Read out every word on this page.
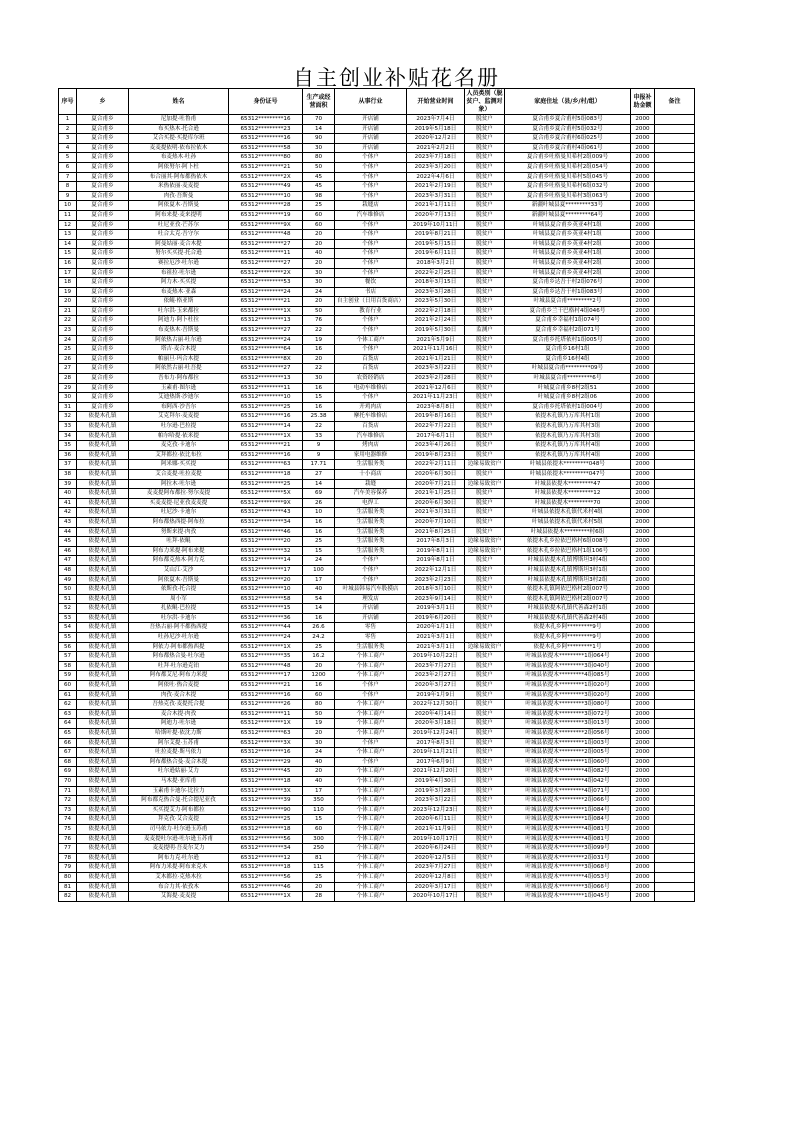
自主创业补贴花名册
序号	乡	姓名	身份证号	生产或经营面积	从事行业	开始营业时间	人员类别（脱贫户、监测对象）	家庭住址（县/乡/村/组）	申报补助金额	备注
1	夏合甫乡	尼加提·吐鲁甫	65312*********16	70	开店铺	2023年7月4日	脱贫户	夏合甫乡夏合甫村5组083号	2000	
2	夏合甫乡	布买热木·托合逊	65312*********23	14	开店铺	2019年5月18日	脱贫户	夏合甫乡夏合甫村5组032号	2000	
3	夏合甫乡	艾合买提·买提库尔班	65312*********16	90	开店铺	2020年12月2日	脱贫户	夏合甫乡夏合甫村6组025号	2000	
4	夏合甫乡	麦麦提依明·依布拉依木	65312*********58	30	开店铺	2021年2月2日	脱贫户	夏合甫乡夏合甫村4组061号	2000	
5	夏合甫乡	布麦热木·吐孙	65312*********80	80	个体户	2023年7月18日	脱贫户	夏合甫乡吐格曼贝希村2组009号	2000	
6	夏合甫乡	阿依努尔·阿卜杜	65312*********21	50	个体户	2023年3月20日	脱贫户	夏合甫乡吐格曼贝希村2组054号	2000	
7	夏合甫乡	布合丽其·阿布都热依木	65312*********2X	45	个体户	2022年4月6日	脱贫户	夏合甫乡吐格曼贝希村5组045号	2000	
8	夏合甫乡	米热依丽·麦麦提	65312*********49	45	个体户	2021年2月19日	脱贫户	夏合甫乡吐格曼贝希村6组032号	2000	
9	夏合甫乡	肉孜·吾斯曼	65312*********10	98	个体户	2023年3月31日	脱贫户	夏合甫乡吐格曼贝希村3组063号	2000	
10	夏合甫乡	阿依夏木·吾斯曼	65312*********28	25	栽缝店	2021年1月11日	脱贫户	新疆叶城县夏*********33号	2000	
11	夏合甫乡	阿布来提·麦来提明	65312*********19	60	汽车维修店	2020年7月13日	脱贫户	新疆叶城县夏*********64号	2000	
12	夏合甫乡	吐尼亚孜·芒苏尔	65312*********9X	60	个体户	2019年10月11日	脱贫户	叶城县夏合甫乡英亚4村1组	2000	
13	夏合甫乡	吐合太克·吾守尔	65312*********48	20	个体户	2019年8月21日	脱贫户	叶城县夏合甫乡英亚4村1组	2000	
14	夏合甫乡	阿曼姑丽·麦合木提	65312*********27	20	个体户	2019年5月15日	脱贫户	叶城县夏合甫乡英亚4村2组	2000	
15	夏合甫乡	努尔买买提·托合逊	65312*********11	40	个体户	2019年6月11日	脱贫户	叶城县夏合甫乡英亚4村1组	2000	
16	夏合甫乡	赛拉厄沙·吐尔逊	65312*********27	20	个体户	2018年3月2日	脱贫户	叶城县夏合甫乡英亚4村2组	2000	
17	夏合甫乡	布祖拉·吐尔逊	65312*********2X	30	个体户	2022年2月25日	脱贫户	叶城县夏合甫乡英亚4村2组	2000	
18	夏合甫乡	阿力木·买买提	65312*********53	30	餐饮	2018年3月15日	脱贫户	夏合甫乡达吾于村2组076号	2000	
19	夏合甫乡	布麦热木·亚森	65312*********24	24	书店	2023年3月28日	脱贫户	夏合甫乡达吾于村1组083号	2000	
20	夏合甫乡	依鲲·格亚斯	65312*********21	20	自主创业（日用百货商店）	2023年5月30日	脱贫户	叶城县夏合甫*********2号	2000	
21	夏合甫乡	吐尔洪·玉来都拉	65312*********1X	50	教育行业	2022年2月18日	脱贫户	夏合甫乡兰干巴格村4组046号	2000	
22	夏合甫乡	阿迪力·阿卜杜拉	65312*********13	76	个体户	2021年2月24日	脱贫户	夏合甫乡幸福村1组074号	2000	
23	夏合甫乡	布麦热木·吾斯曼	65312*********27	22	个体户	2019年5月30日	监测户	夏合甫乡幸福村2组071号	2000	
24	夏合甫乡	阿依热古丽·吐尔逊	65312*********24	19	个体工商户	2021年5月9日	脱贫户	夏合甫乡托塔依村1组005号	2000	
25	夏合甫乡	塔吉·麦合木提	65312*********64	16	个体户	2021年11月16日	脱贫户	夏合甫乡16村1组	2000	
26	夏合甫乡	帕丽旦·玛合木提	65312*********8X	20	百货店	2021年1月21日	脱贫户	夏合甫乡16村4组	2000	
27	夏合甫乡	阿依然古丽·吐吾提	65312*********27	22	百货店	2023年3月22日	脱贫户	叶城县夏合甫*********09号	2000	
28	夏合甫乡	吾布力·阿布都拉	65312*********13	30	农资经销店	2023年2月28日	脱贫户	叶城县夏合甫*********6号	2000	
29	夏合甫乡	玉素甫·图尔逊	65312*********11	16	电动车维修店	2021年12月6日	脱贫户	叶城夏合甫乡8村2组51	2000	
30	夏合甫乡	艾迪热斯·沙迪尔	65312*********10	15	个体户	2021年11月23日	脱贫户	叶城夏合甫乡8村2组06	2000	
31	夏合甫乡	布阿西·沙吾尔	65312*********25	16	开鸡肉店	2023年8月8日	脱贫户	夏合甫乡托塔依村1组004号	2000	
32	依提木孔镇	艾克拜尔·麦麦提	65312*********16	25.38	摩托车维修店	2019年8月16日	脱贫户	依提木孔镇乃万库其村1组	2000	
33	依提木孔镇	吐尔逊·巴拉提	65312*********14	22	百货店	2022年7月22日	脱贫户	依提木孔镇乃万库其村3组	2000	
34	依提木孔镇	帕尔哈提·依米提	65312*********1X	33	汽车维修店	2017年6月1日	脱贫户	依提木孔镇乃万库其村3组	2000	
35	依提木孔镇	麦克孜·卡迪尔	65312*********21	9	烤肉店	2023年4月26日	脱贫户	依提木孔镇乃万库其村4组	2000	
36	依提木孔镇	艾拜都拉·依比布拉	65312*********16	9	家用电器维修	2019年8月23日	脱贫户	依提木孔镇乃万库其村4组	2000	
37	依提木孔镇	阿米娜·买买提	65312*********63	17.71	生活服务类	2022年2月11日	边缘易致贫户	叶城县依提木*********048号	2000	
38	依提木孔镇	艾合麦提·吐拉麦提	65312*********18	27	十小商店	2020年6月30日	脱贫户	叶城县依提木*********047号	2000	
39	依提木孔镇	阿拉木·吐尔逊	65312*********25	14	栽缝	2020年7月21日	边缘易致贫户	叶城县依提木*********47	2000	
40	依提木孔镇	麦麦提阿布都拉·努尔麦提	65312*********5X	69	汽车美容保养	2021年1月25日	脱贫户	叶城县依提木*********12	2000	
41	依提木孔镇	买麦麦提·尼亚孜麦麦提	65312*********9X	26	电焊工	2020年6月30日	脱贫户	叶城县依提木*********70	2000	
42	依提木孔镇	吐尼沙·卡迪尔	65312*********43	10	生活服务类	2021年3月31日	脱贫户	叶城县依提木孔镇代米村4组	2000	
43	依提木孔镇	阿布都热西提·阿布拉	65312*********34	16	生活服务类	2020年7月10日	脱贫户	叶城县依提木孔镇代米村5组	2000	
44	依提木孔镇	努斯来提·肉孜	65312*********46	16	生活服务类	2021年8月25日	脱贫户	叶城县依提木*********村6组	2000	
45	依提木孔镇	吐拜·依鲲	65312*********20	25	生活服务类	2017年8月3日	边缘易致贫户	依提木孔乡拉依巴格村6组008号	2000	
46	依提木孔镇	阿布力米提·阿布来提	65312*********32	15	生活服务类	2019年8月1日	边缘易致贫户	依提木孔乡拉依巴格村1组106号	2000	
47	依提木孔镇	阿布都克热木·阿力克	65312*********14	24	个体户	2019年8月1日	脱贫户	叶城县依提木孔镇博斯坦3村4组	2000	
48	依提木孔镇	艾山江·艾沙	65312*********17	100	个体户	2022年12月1日	脱贫户	叶城县依提木孔镇博斯坦3村1组	2000	
49	依提木孔镇	阿依夏木·吾斯曼	65312*********20	17	个体户	2023年2月23日	脱贫户	叶城县依提木孔镇博斯坦3村2组	2000	
50	依提木孔镇	依斯孜·托合提	65312*********10	40	叶城县韩易汽车股摸店	2018年3月10日	脱贫户	依提木孔镇阿依巴格村2组007号	2000	
51	依提木孔镇	周小军	65312*********58	54	理发店	2023年9月14日	脱贫户	依提木孔镇阿依巴格村2组007号	2000	
52	依提木孔镇	扎依鲲·巴拉提	65312*********15	14	开店铺	2019年3月1日	脱贫户	叶城县依提木孔镇代善森2村1组	2000	
53	依提木孔镇	吐尔洪·卡迪尔	65312*********36	16	开店铺	2019年6月20日	脱贫户	叶城县依提木孔镇代善森2村4组	2000	
54	依提木孔镇	吾热古丽·阿不都热西提	65312*********44	26.6	零售	2020年1月1日	脱贫户	依提木孔乡阿*********9号	2000	
55	依提木孔镇	吐孙尼沙·吐尔逊	65312*********24	24.2	零售	2021年3月1日	脱贫户	依提木孔乡阿*********9号	2000	
56	依提木孔镇	阿依力·阿布都热西提	65312*********1X	25	生活服务类	2021年3月1日	边缘易致贫户	依提木孔乡阿*********1号	2000	
57	依提木孔镇	阿布都热合曼·吐尔逊	65312*********35	16.2	个体工商户	2019年10月22日	脱贫户	叶城县依提木*********1组064号	2000	
58	依提木孔镇	吐拜·吐尔逊克铂	65312*********48	20	个体工商户	2023年7月27日	脱贫户	叶城县依提木*********3组040号	2000	
59	依提木孔镇	阿布都艾尼·阿布力米提	65312*********17	1200	个体工商户	2023年2月27日	脱贫户	叶城县依提木*********4组085号	2000	
60	依提木孔镇	阿依吐·热合麦提	65312*********21	16	个体户	2020年3月27日	脱贫户	叶城县依提木*********1组020号	2000	
61	依提木孔镇	肉孜·麦合木提	65312*********16	60	个体户	2019年1月9日	脱贫户	叶城县依提木*********3组020号	2000	
62	依提木孔镇	吾热克孜·麦提托合提	65312*********26	80	个体工商户	2022年12月30日	脱贫户	叶城县依提木*********3组080号	2000	
63	依提木孔镇	麦合木提·肉孜	65312*********11	50	个体工商户	2020年4月14日	脱贫户	叶城县依提木*********3组072号	2000	
64	依提木孔镇	阿迪力·吐尔逊	65312*********1X	19	个体工商户	2020年3月18日	脱贫户	叶城县依提木*********3组013号	2000	
65	依提木孔镇	哈斯叶提·依沈力斯	65312*********63	20	个体工商户	2019年12月24日	脱贫户	叶城县依提木*********2组056号	2000	
66	依提木孔镇	阿尔艾提·玉苏甫	65312*********3X	30	个体户	2017年8月3日	脱贫户	叶城县依提木*********1组003号	2000	
67	依提木孔镇	吐拉麦提·斯马依力	65312*********16	24	个体工商户	2019年11月21日	脱贫户	叶城县依提木*********2组005号	2000	
68	依提木孔镇	阿布都热合曼·麦合木提	65312*********29	40	个体户	2017年6月9日	脱贫户	叶城县依提木*********1组060号	2000	
69	依提木孔镇	吐尔逊姑丽·艾力	65312*********45	20	个体工商户	2021年12月20日	脱贫户	叶城县依提木*********4组082号	2000	
70	依提木孔镇	马木提·亚库甫	65312*********18	40	个体工商户	2019年4月30日	脱贫户	叶城县依提木*********4组042号	2000	
71	依提木孔镇	玉素甫卡迪尔·比拉力	65312*********3X	17	个体工商户	2019年3月28日	脱贫户	叶城县依提木*********4组071号	2000	
72	依提木孔镇	阿布都克热合曼·托合提尼亚孜	65312*********39	350	个体工商户	2023年3月22日	脱贫户	叶城县依提木*********2组066号	2000	
73	依提木孔镇	买买提艾力·阿布都拉	65312*********90	110	个体工商户	2023年12月23日	脱贫户	叶城县依提木*********1组084号	2000	
74	依提木孔镇	拜克孜·艾合麦提	65312*********25	15	个体工商户	2020年6月11日	脱贫户	叶城县依提木*********1组084号	2000	
75	依提木孔镇	司马依力·吐尔逊玉苏甫	65312*********18	60	个体工商户	2021年11月9日	脱贫户	叶城县依提木*********4组081号	2000	
76	依提木孔镇	麦麦提吐尔逊·吐尔逊玉苏甫	65312*********56	300	个体工商户	2019年10月17日	脱贫户	叶城县依提木*********4组081号	2000	
77	依提木孔镇	麦麦提明·吾麦尔艾力	65312*********34	250	个体工商户	2020年6月24日	脱贫户	叶城县依提木*********3组099号	2000	
78	依提木孔镇	阿布力克·吐尔逊	65312*********12	81	个体工商户	2020年12月5日	脱贫户	叶城县依提木*********2组031号	2000	
79	依提木孔镇	阿布力米提·阿布来克木	65312*********18	115	个体工商户	2023年7月27日	脱贫户	叶城县依提木*********3组068号	2000	
80	依提木孔镇	艾木都拉·克热木拉	65312*********56	25	个体工商户	2020年12月8日	脱贫户	叶城县依提木*********4组053号	2000	
81	依提木孔镇	布合力其·依孜木	65312*********46	20	个体工商户	2020年3月17日	脱贫户	叶城县依提木*********3组066号	2000	
82	依提木孔镇	艾海提·麦麦提	65312*********1X	28	个体工商户	2020年10月17日	脱贫户	叶城县依提木*********1组045号	2000	
